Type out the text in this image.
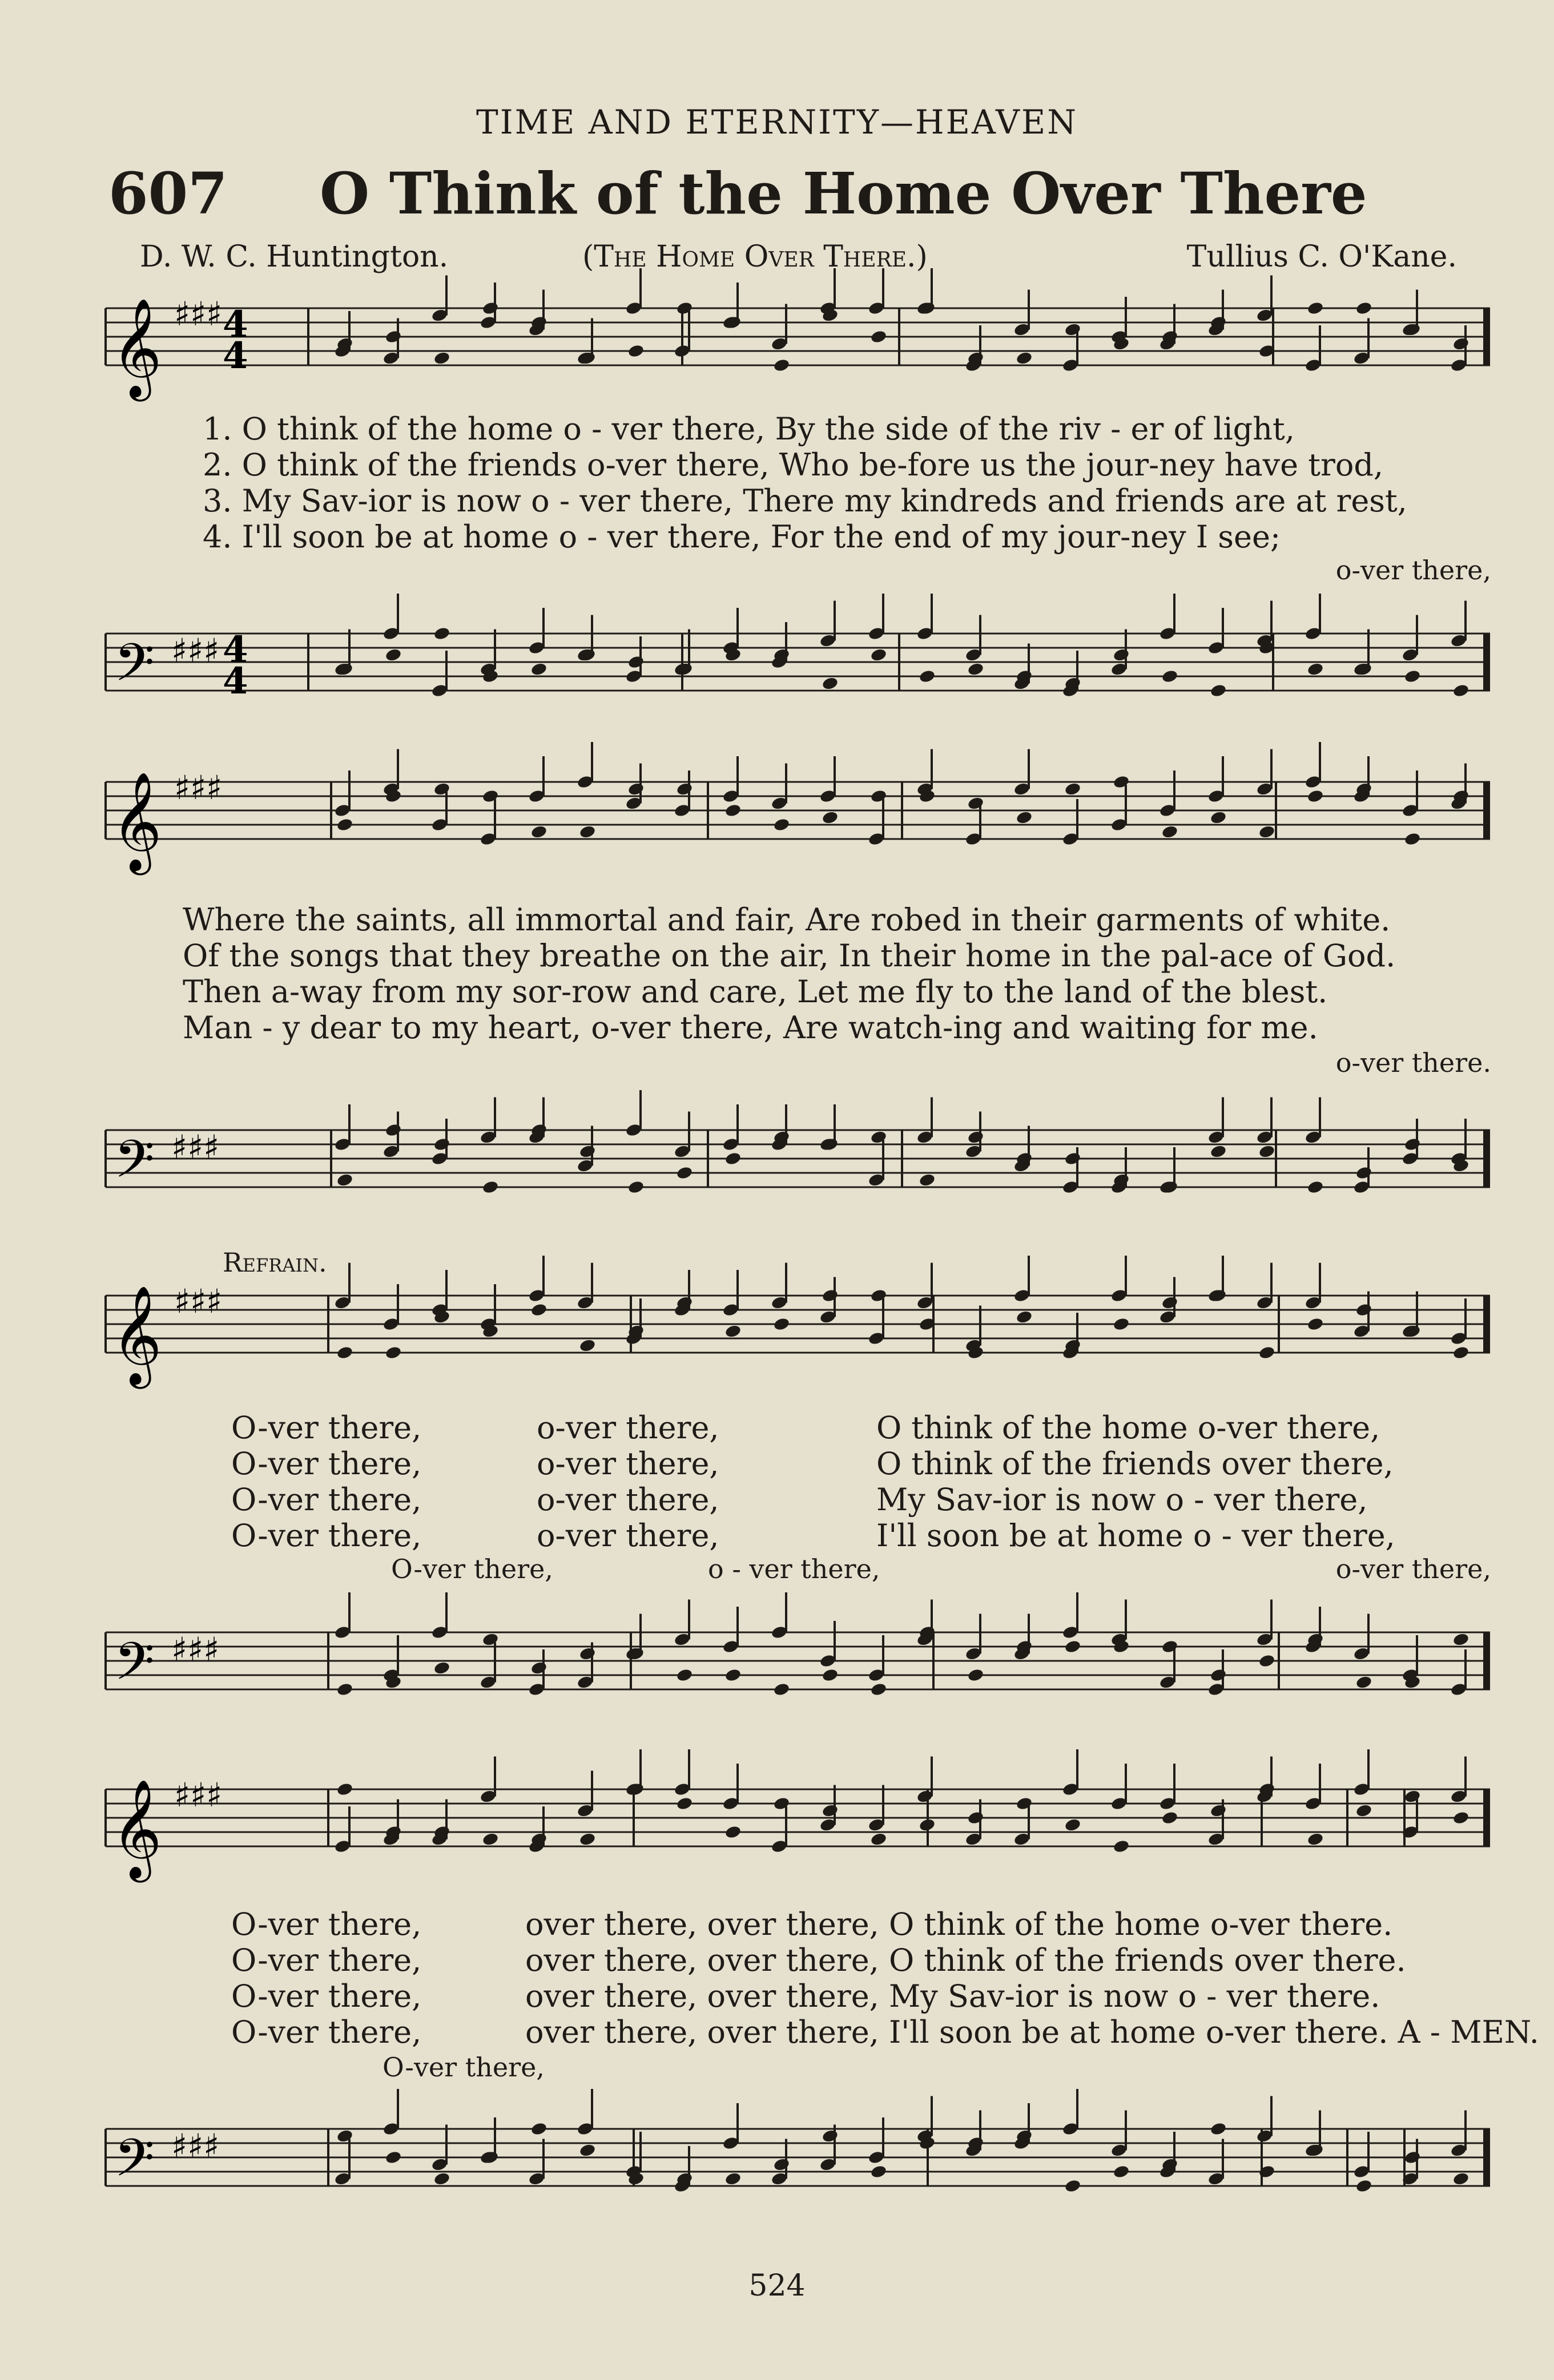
TIME AND ETERNITY—HEAVEN
607 O Think of the Home Over There
D. W. C. Huntington.	(The Home Over There.)	Tullius C. O'Kane.
𝄞 ♯♯♯ 4
4
1. O think of the home o - ver there, By the side of the riv - er of light,
2. O think of the friends o-ver there, Who be-fore us the jour-ney have trod,
3. My Sav-ior is now o - ver there, There my kindreds and friends are at rest,
4. I'll soon be at home o - ver there, For the end of my jour-ney I see;
o-ver there,
𝄢 ♯♯♯ 4
4
𝄞 ♯♯♯
Where the saints, all immortal and fair, Are robed in their garments of white.
Of the songs that they breathe on the air, In their home in the pal-ace of God.
Then a-way from my sor-row and care, Let me fly to the land of the blest.
Man - y dear to my heart, o-ver there, Are watch-ing and waiting for me.
o-ver there.
𝄢 ♯♯♯
Refrain.
𝄞 ♯♯♯
O-ver there,	o-ver there,	O think of the home o-ver there,
O-ver there,	o-ver there,	O think of the friends over there,
O-ver there,	o-ver there,	My Sav-ior is now o - ver there,
O-ver there,	o-ver there,	I'll soon be at home o - ver there,
O-ver there,	o - ver there,	o-ver there,
𝄢 ♯♯♯
𝄞 ♯♯♯
O-ver there,	over there, over there, O think of the home o-ver there.
O-ver there,	over there, over there, O think of the friends over there.
O-ver there,	over there, over there, My Sav-ior is now o - ver there.
O-ver there,	over there, over there, I'll soon be at home o-ver there. A - MEN.
O-ver there,
𝄢 ♯♯♯
524
